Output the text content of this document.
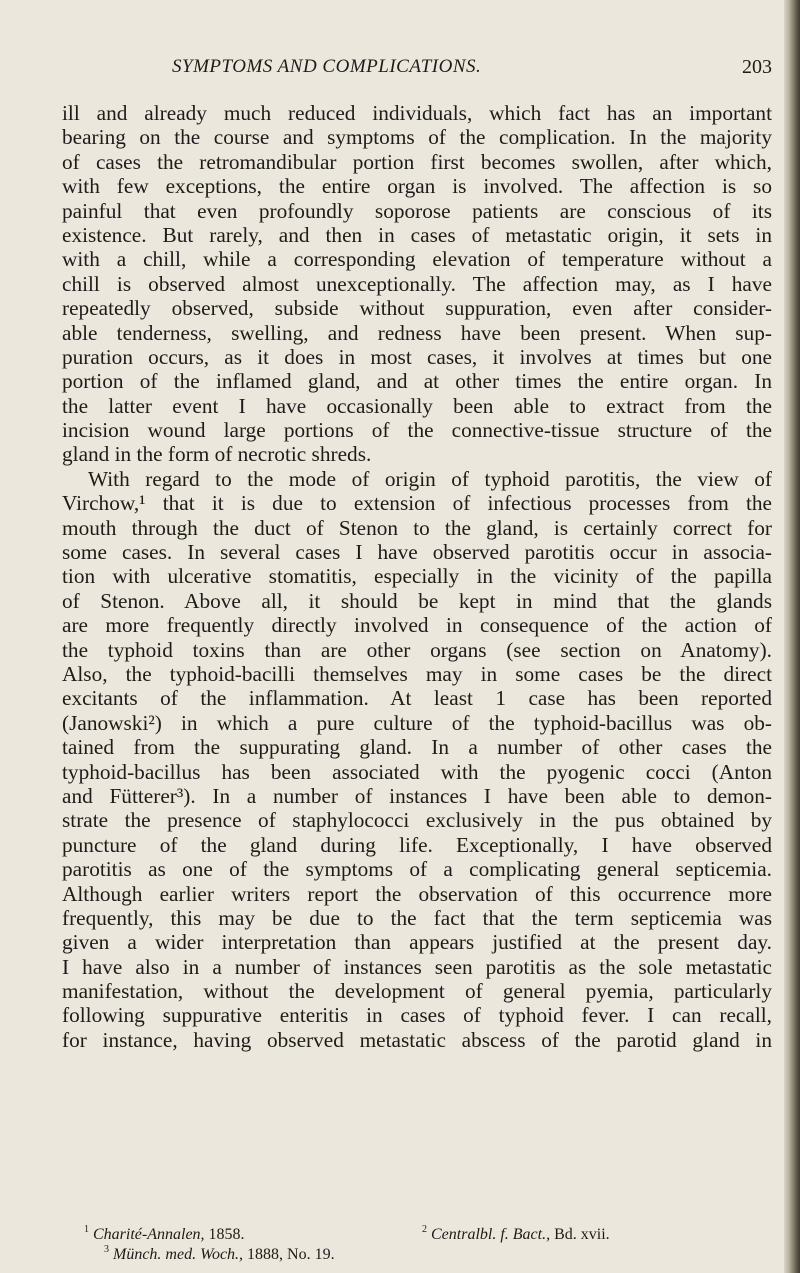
SYMPTOMS AND COMPLICATIONS.	203
ill and already much reduced individuals, which fact has an important
bearing on the course and symptoms of the complication. In the majority
of cases the retromandibular portion first becomes swollen, after which,
with few exceptions, the entire organ is involved. The affection is so
painful that even profoundly soporose patients are conscious of its
existence. But rarely, and then in cases of metastatic origin, it sets in
with a chill, while a corresponding elevation of temperature without a
chill is observed almost unexceptionally. The affection may, as I have
repeatedly observed, subside without suppuration, even after consider-
able tenderness, swelling, and redness have been present. When sup-
puration occurs, as it does in most cases, it involves at times but one
portion of the inflamed gland, and at other times the entire organ. In
the latter event I have occasionally been able to extract from the
incision wound large portions of the connective-tissue structure of the
gland in the form of necrotic shreds.
With regard to the mode of origin of typhoid parotitis, the view of
Virchow,¹ that it is due to extension of infectious processes from the
mouth through the duct of Stenon to the gland, is certainly correct for
some cases. In several cases I have observed parotitis occur in associa-
tion with ulcerative stomatitis, especially in the vicinity of the papilla
of Stenon. Above all, it should be kept in mind that the glands
are more frequently directly involved in consequence of the action of
the typhoid toxins than are other organs (see section on Anatomy).
Also, the typhoid-bacilli themselves may in some cases be the direct
excitants of the inflammation. At least 1 case has been reported
(Janowski²) in which a pure culture of the typhoid-bacillus was ob-
tained from the suppurating gland. In a number of other cases the
typhoid-bacillus has been associated with the pyogenic cocci (Anton
and Fütterer³). In a number of instances I have been able to demon-
strate the presence of staphylococci exclusively in the pus obtained by
puncture of the gland during life. Exceptionally, I have observed
parotitis as one of the symptoms of a complicating general septicemia.
Although earlier writers report the observation of this occurrence more
frequently, this may be due to the fact that the term septicemia was
given a wider interpretation than appears justified at the present day.
I have also in a number of instances seen parotitis as the sole metastatic
manifestation, without the development of general pyemia, particularly
following suppurative enteritis in cases of typhoid fever. I can recall,
for instance, having observed metastatic abscess of the parotid gland in
$^1$ Charité-Annalen, 1858.	$^2$ Centralbl. f. Bact., Bd. xvii.
$^3$ Münch. med. Woch., 1888, No. 19.
